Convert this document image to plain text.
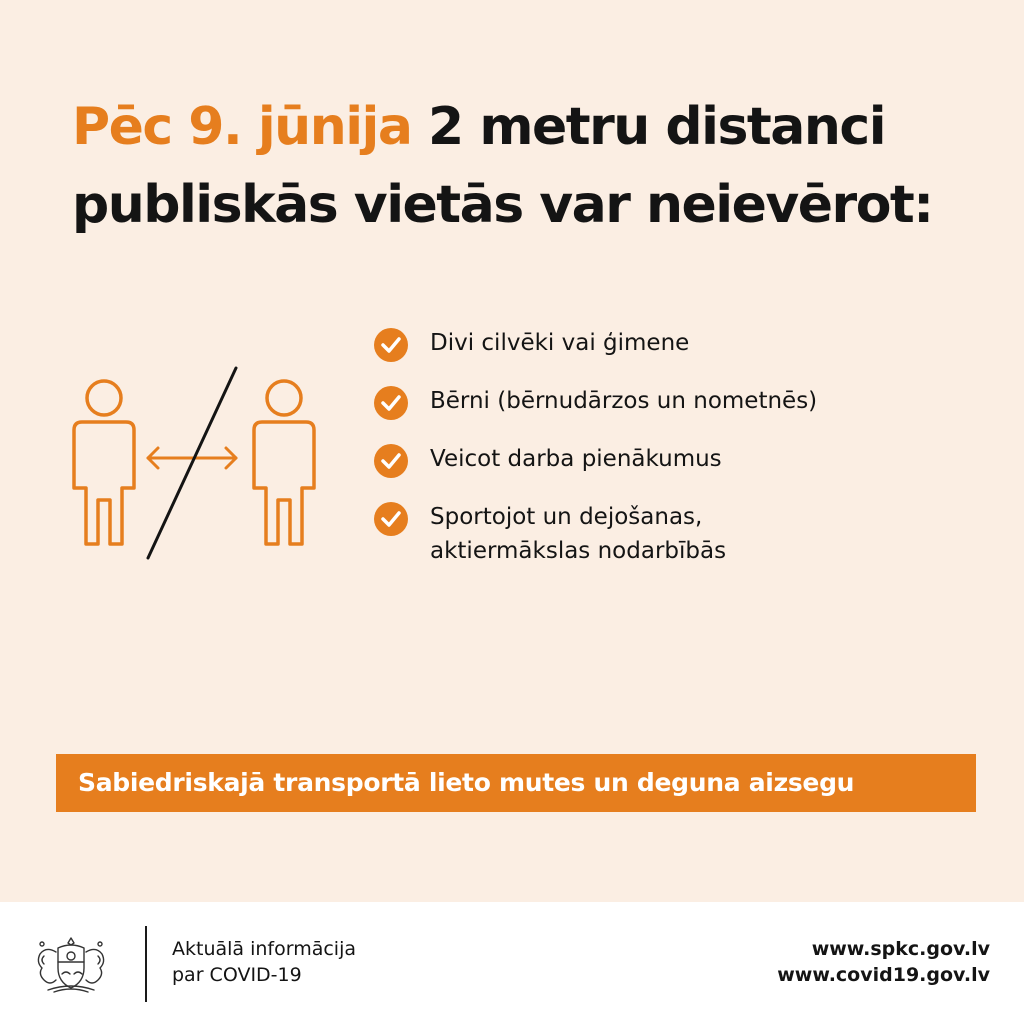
Pēc 9. jūnija 2 metru distanci
publiskās vietās var neievērot:
Divi cilvēki vai ģimene
Bērni (bērnudārzos un nometnēs)
Veicot darba pienākumus
Sportojot un dejošanas,
aktiermākslas nodarbībās
Sabiedriskajā transportā lieto mutes un deguna aizsegu
Aktuālā informācija
par COVID-19
www.spkc.gov.lv
www.covid19.gov.lv
